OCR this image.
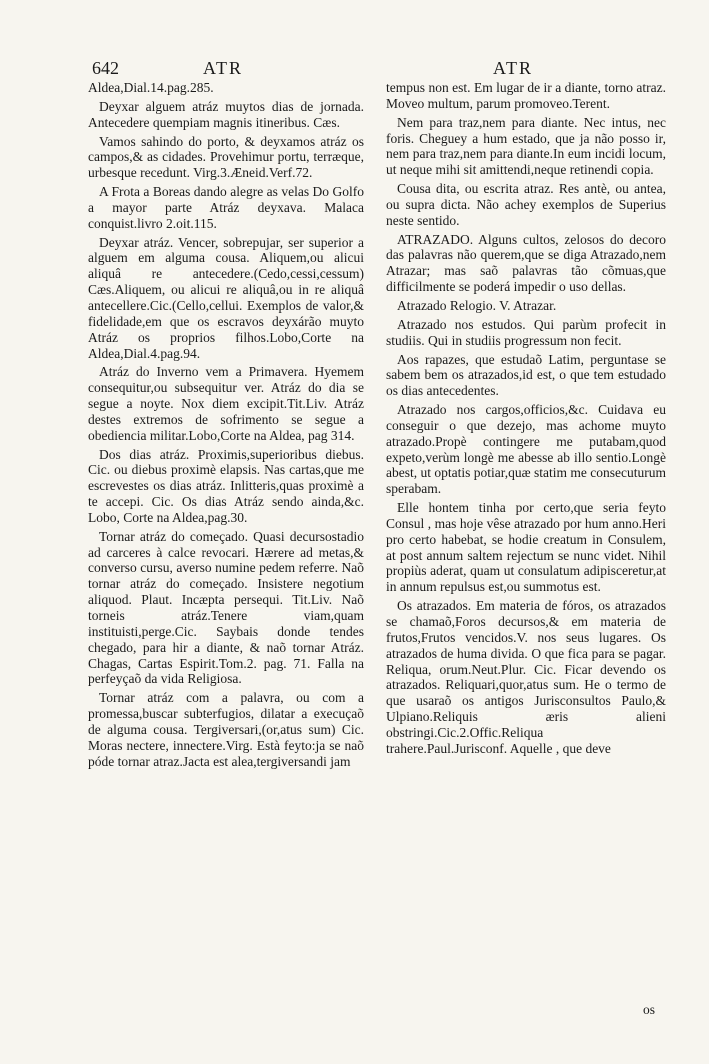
642	ATR	ATR

Aldea,Dial.14.pag.285.

Deyxar alguem atráz muytos dias de jornada. Antecedere quempiam magnis itineribus. Cæs.

Vamos sahindo do porto, & deyxamos atráz os campos,& as cidades. Provehimur portu, terræque, urbesque recedunt. Virg.3.Æneid.Verf.72.

A Frota a Boreas dando alegre as velas Do Golfo a mayor parte Atráz deyxava. Malaca conquist.livro 2.oit.115.

Deyxar atráz. Vencer, sobrepujar, ser superior a alguem em alguma cousa. Aliquem,ou alicui aliquâ re antecedere.(Cedo,cessi,cessum) Cæs.Aliquem, ou alicui re aliquâ,ou in re aliquâ antecellere.Cic.(Cello,cellui. Exemplos de valor,& fidelidade,em que os escravos deyxárão muyto Atráz os proprios filhos.Lobo,Corte na Aldea,Dial.4.pag.94.

Atráz do Inverno vem a Primavera. Hyemem consequitur,ou subsequitur ver. Atráz do dia se segue a noyte. Nox diem excipit.Tit.Liv. Atráz destes extremos de sofrimento se segue a obediencia militar.Lobo,Corte na Aldea, pag 314.

Dos dias atráz. Proximis,superioribus diebus. Cic. ou diebus proximè elapsis. Nas cartas,que me escrevestes os dias atráz. Inlitteris,quas proximè a te accepi. Cic. Os dias Atráz sendo ainda,&c. Lobo, Corte na Aldea,pag.30.

Tornar atráz do começado. Quasi decursostadio ad carceres à calce revocari. Hærere ad metas,& converso cursu, averso numine pedem referre. Naõ tornar atráz do começado. Insistere negotium aliquod. Plaut. Incæpta persequi. Tit.Liv. Naõ torneis atráz.Tenere viam,quam instituisti,perge.Cic. Saybais donde tendes chegado, para hir a diante, & naõ tornar Atráz. Chagas, Cartas Espirit.Tom.2. pag. 71. Falla na perfeyçaõ da vida Religiosa.

Tornar atráz com a palavra, ou com a promessa,buscar subterfugios, dilatar a execuçaõ de alguma cousa. Tergiversari,(or,atus sum) Cic. Moras nectere, innectere.Virg. Està feyto:ja se naõ póde tornar atraz.Jacta est alea,tergiversandi jam

tempus non est. Em lugar de ir a diante, torno atraz. Moveo multum, parum promoveo.Terent.

Nem para traz,nem para diante. Nec intus, nec foris. Cheguey a hum estado, que ja não posso ir, nem para traz,nem para diante.In eum incidi locum, ut neque mihi sit amittendi,neque retinendi copia.

Cousa dita, ou escrita atraz. Res antè, ou antea, ou supra dicta. Não achey exemplos de Superius neste sentido.

ATRAZADO. Alguns cultos, zelosos do decoro das palavras não querem,que se diga Atrazado,nem Atrazar; mas saõ palavras tão cõmuas,que difficilmente se poderá impedir o uso dellas.

Atrazado Relogio. V. Atrazar.

Atrazado nos estudos. Qui parùm profecit in studiis. Qui in studiis progressum non fecit.

Aos rapazes, que estudaõ Latim, perguntase se sabem bem os atrazados,id est, o que tem estudado os dias antecedentes.

Atrazado nos cargos,officios,&c. Cuidava eu conseguir o que dezejo, mas achome muyto atrazado.Propè contingere me putabam,quod expeto,verùm longè me abesse ab illo sentio.Longè abest, ut optatis potiar,quæ statim me consecuturum sperabam.

Elle hontem tinha por certo,que seria feyto Consul , mas hoje vêse atrazado por hum anno.Heri pro certo habebat, se hodie creatum in Consulem, at post annum saltem rejectum se nunc videt. Nihil propiùs aderat, quam ut consulatum adipisceretur,at in annum repulsus est,ou summotus est.

Os atrazados. Em materia de fóros, os atrazados se chamaõ,Foros decursos,& em materia de frutos,Frutos vencidos.V. nos seus lugares. Os atrazados de huma divida. O que fica para se pagar. Reliqua, orum.Neut.Plur. Cic. Ficar devendo os atrazados. Reliquari,quor,atus sum. He o termo de que usaraõ os antigos Jurisconsultos Paulo,& Ulpiano.Reliquis æris alieni obstringi.Cic.2.Offic.Reliqua trahere.Paul.Jurisconf. Aquelle , que deve

os
